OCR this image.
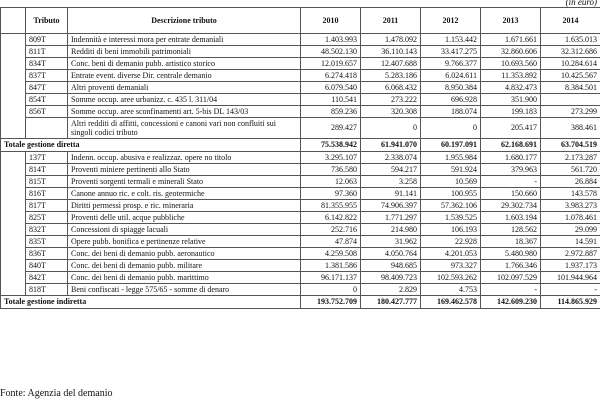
(in euro)
	Tributo	Descrizione tributo	2010	2011	2012	2013	2014
	809T	Indennità e interessi mora per entrate demaniali	1.403.993	1.478.092	1.153.442	1.671.661	1.635.013
	811T	Redditi di beni immobili patrimoniali	48.502.130	36.110.143	33.417.275	32.860.606	32.312.686
	834T	Conc. beni di demanio pubb. artistico storico	12.019.657	12.407.688	9.766.377	10.693.560	10.284.614
	837T	Entrate event. diverse Dir. centrale demanio	6.274.418	5.283.186	6.024.611	11.353.892	10.425.567
	847T	Altri proventi demaniali	6.079.540	6.068.432	8.950.384	4.832.473	8.384.501
	854T	Somme occup. aree urbanizz. c. 435 l. 311/04	110.541	273.222	696.928	351.900	
	856T	Somme occup. aree sconfinamenti art. 5-bis DL 143/03	859.236	320.308	188.074	199.183	273.299
		Altri redditi di affitti, concessioni e canoni vari non confluiti sui singoli codici tributo	289.427	0	0	205.417	388.461
Totale gestione diretta			75.538.942	61.941.070	60.197.091	62.168.691	63.704.519
	137T	Indenn. occup. abusiva e realizzaz. opere no titolo	3.295.107	2.338.074	1.955.984	1.680.177	2.173.287
	814T	Proventi miniere pertinenti allo Stato	736.580	594.217	591.924	379.963	561.720
	815T	Proventi sorgenti termali e minerali Stato	12.063	3.258	10.569	-	26.884
	816T	Canone annuo ric. e colt. ris. geotermiche	97.360	91.141	100.955	150.660	143.578
	817T	Diritti permessi prosp. e ric. mineraria	81.355.955	74.906.397	57.362.106	29.302.734	3.983.273
	825T	Proventi delle util. acque pubbliche	6.142.822	1.771.297	1.539.525	1.603.194	1.078.461
	832T	Concessioni di spiagge lacuali	252.716	214.980	106.193	128.562	29.099
	835T	Opere pubb. bonifica e pertinenze relative	47.874	31.962	22.928	18.367	14.591
	836T	Conc. dei beni di demanio pubb. aeronautico	4.259.508	4.050.764	4.201.053	5.480.980	2.972.887
	840T	Conc. dei beni di demanio pubb. militare	1.381.586	948.685	973.327	1.766.346	1.937.173
	842T	Conc. dei beni di demanio pubb. marittimo	96.171.137	98.409.723	102.593.262	102.097.529	101.944.964
	818T	Beni confiscati - legge 575/65 - somme di denaro	0	2.829	4.753	-	-
Totale gestione indiretta			193.752.709	180.427.777	169.462.578	142.609.230	114.865.929
Fonte: Agenzia del demanio
